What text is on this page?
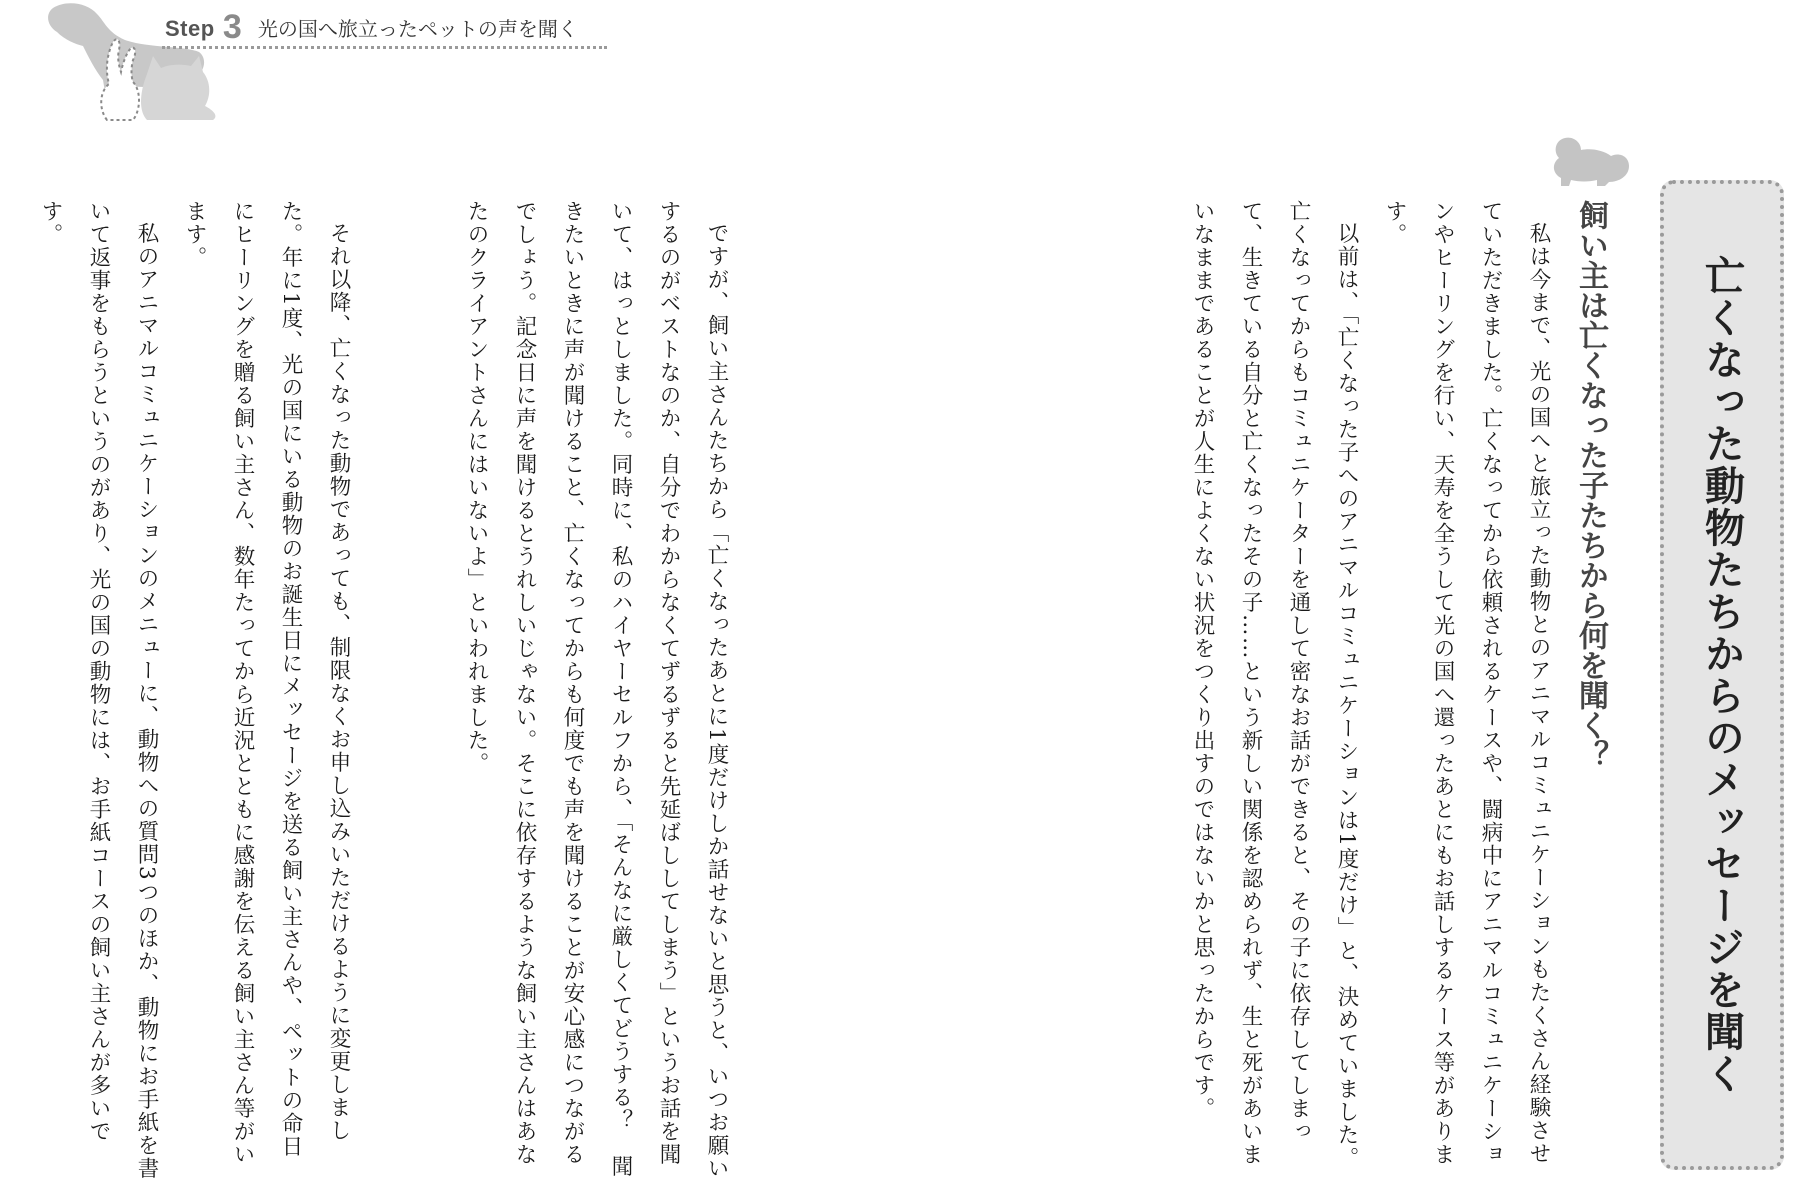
Step 3 光の国へ旅立ったペットの声を聞く
亡くなった動物たちからのメッセージを聞く
飼い主は亡くなった子たちから何を聞く？

私は今まで、光の国へと旅立った動物とのアニマルコミュニケーションもたくさん経験させていただきました。亡くなってから依頼されるケースや、闘病中にアニマルコミュニケーションやヒーリングを行い、天寿を全うして光の国へ還ったあとにもお話しするケース等があります。

以前は、「亡くなった子へのアニマルコミュニケーションは1度だけ」と、決めていました。亡くなってからもコミュニケーターを通して密なお話ができると、その子に依存してしまって、生きている自分と亡くなったその子……という新しい関係を認められず、生と死があいまいなままであることが人生によくない状況をつくり出すのではないかと思ったからです。

ですが、飼い主さんたちから「亡くなったあとに1度だけしか話せないと思うと、いつお願いするのがベストなのか、自分でわからなくてずるずると先延ばししてしまう」というお話を聞いて、はっとしました。同時に、私のハイヤーセルフから、「そんなに厳しくてどうする？　聞きたいときに声が聞けること、亡くなってからも何度でも声を聞けることが安心感につながるでしょう。記念日に声を聞けるとうれしいじゃない。そこに依存するような飼い主さんはあなたのクライアントさんにはいないよ」といわれました。

それ以降、亡くなった動物であっても、制限なくお申し込みいただけるように変更しました。年に1度、光の国にいる動物のお誕生日にメッセージを送る飼い主さんや、ペットの命日にヒーリングを贈る飼い主さん、数年たってから近況とともに感謝を伝える飼い主さん等がいます。

私のアニマルコミュニケーションのメニューに、動物への質問3つのほか、動物にお手紙を書いて返事をもらうというのがあり、光の国の動物には、お手紙コースの飼い主さんが多いです。
